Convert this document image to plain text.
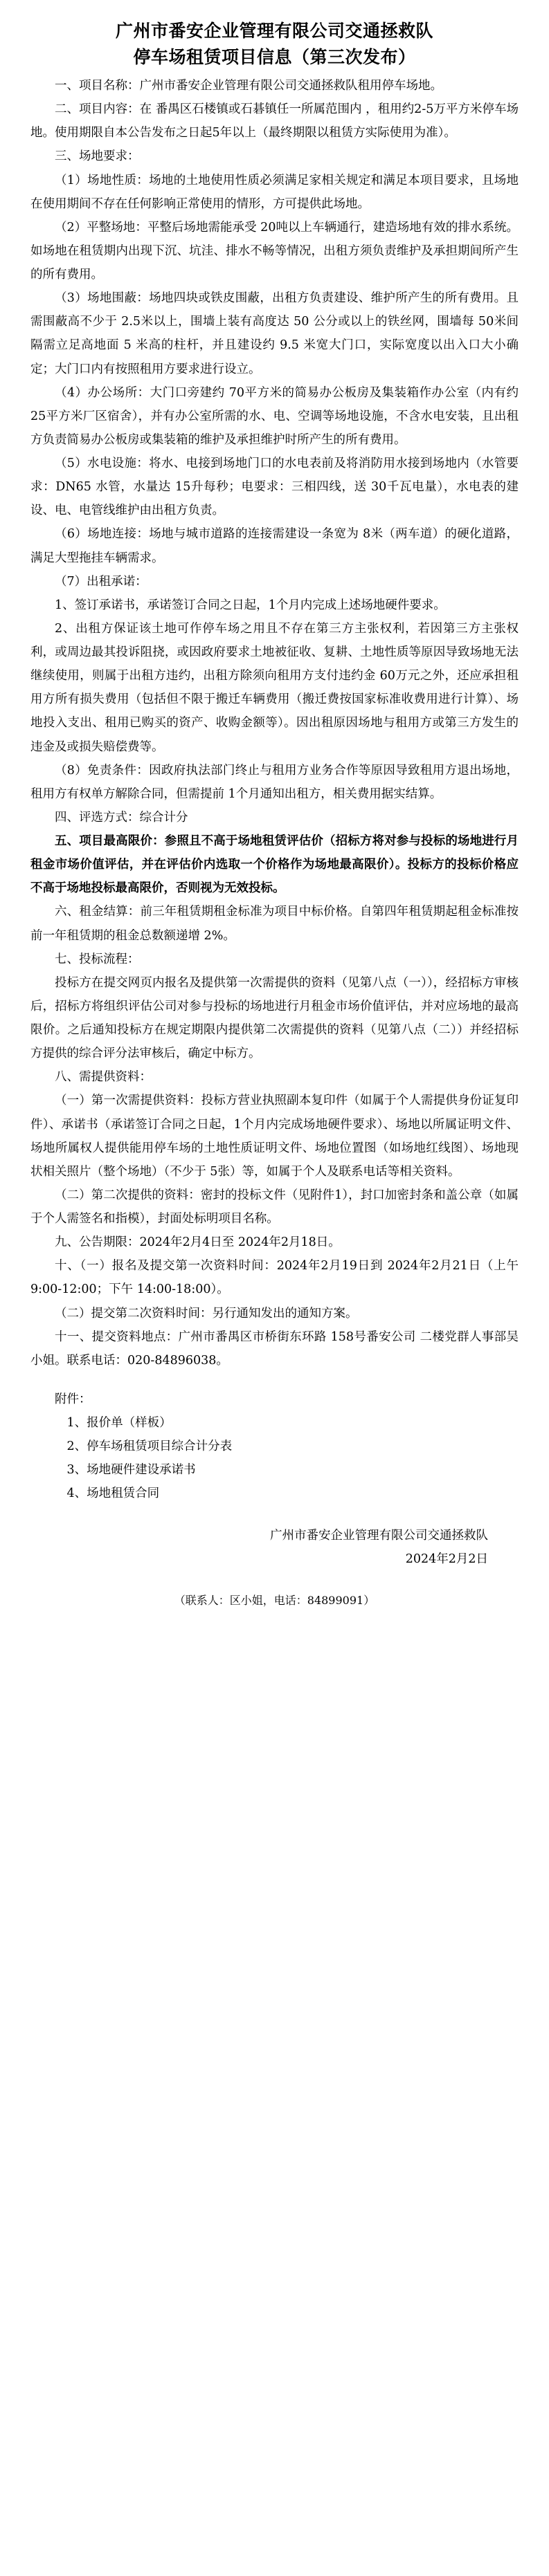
广州市番安企业管理有限公司交通拯救队
停车场租赁项目信息（第三次发布）

一、项目名称：广州市番安企业管理有限公司交通拯救队租用停车场地。

二、项目内容：在 番禺区石楼镇或石碁镇任一所属范围内 ，租用约2-5万平方米停车场地。使用期限自本公告发布之日起5年以上（最终期限以租赁方实际使用为准）。

三、场地要求：

（1）场地性质：场地的土地使用性质必须满足家相关规定和满足本项目要求，且场地在使用期间不存在任何影响正常使用的情形，方可提供此场地。

（2）平整场地：平整后场地需能承受 20吨以上车辆通行，建造场地有效的排水系统。如场地在租赁期内出现下沉、坑洼、排水不畅等情况，出租方须负责维护及承担期间所产生的所有费用。

（3）场地围蔽：场地四块或铁皮围蔽，出租方负责建设、维护所产生的所有费用。且需围蔽高不少于 2.5米以上，围墙上装有高度达 50 公分或以上的铁丝网，围墙每 50米间隔需立足高地面 5 米高的柱杆，并且建设约 9.5 米宽大门口，实际宽度以出入口大小确定；大门口内有按照租用方要求进行设立。

（4）办公场所：大门口旁建约 70平方米的简易办公板房及集装箱作办公室（内有约 25平方米厂区宿舍），并有办公室所需的水、电、空调等场地设施，不含水电安装，且出租方负责简易办公板房或集装箱的维护及承担维护时所产生的所有费用。

（5）水电设施：将水、电接到场地门口的水电表前及将消防用水接到场地内（水管要求：DN65 水管，水量达 15升每秒；电要求：三相四线，送 30千瓦电量），水电表的建设、电、电管线维护由出租方负责。

（6）场地连接：场地与城市道路的连接需建设一条宽为 8米（两车道）的硬化道路，满足大型拖挂车辆需求。

（7）出租承诺：

1、签订承诺书，承诺签订合同之日起，1个月内完成上述场地硬件要求。

2、出租方保证该土地可作停车场之用且不存在第三方主张权利，若因第三方主张权利，或周边最其投诉阻挠，或因政府要求土地被征收、复耕、土地性质等原因导致场地无法继续使用，则属于出租方违约，出租方除须向租用方支付违约金 60万元之外，还应承担租用方所有损失费用（包括但不限于搬迁车辆费用（搬迁费按国家标准收费用进行计算）、场地投入支出、租用已购买的资产、收购金额等）。因出租原因场地与租用方或第三方发生的违金及或损失赔偿费等。

（8）免责条件：因政府执法部门终止与租用方业务合作等原因导致租用方退出场地，租用方有权单方解除合同，但需提前 1个月通知出租方，相关费用据实结算。

四、评选方式：综合计分

五、项目最高限价：参照且不高于场地租赁评估价（招标方将对参与投标的场地进行月租金市场价值评估，并在评估价内选取一个价格作为场地最高限价）。投标方的投标价格应不高于场地投标最高限价，否则视为无效投标。

六、租金结算：前三年租赁期租金标准为项目中标价格。自第四年租赁期起租金标准按前一年租赁期的租金总数额递增 2%。

七、投标流程：

投标方在提交网页内报名及提供第一次需提供的资料（见第八点（一）），经招标方审核后，招标方将组织评估公司对参与投标的场地进行月租金市场价值评估，并对应场地的最高限价。之后通知投标方在规定期限内提供第二次需提供的资料（见第八点（二））并经招标方提供的综合评分法审核后，确定中标方。

八、需提供资料：

（一）第一次需提供资料：投标方营业执照副本复印件（如属于个人需提供身份证复印件）、承诺书（承诺签订合同之日起，1个月内完成场地硬件要求）、场地以所属证明文件、场地所属权人提供能用停车场的土地性质证明文件、场地位置图（如场地红线图）、场地现状相关照片（整个场地）（不少于 5张）等，如属于个人及联系电话等相关资料。

（二）第二次提供的资料：密封的投标文件（见附件1），封口加密封条和盖公章（如属于个人需签名和指模），封面处标明项目名称。

九、公告期限：2024年2月4日至 2024年2月18日。

十、（一）报名及提交第一次资料时间：2024年2月19日到 2024年2月21日（上午 9:00-12:00；下午 14:00-18:00）。

（二）提交第二次资料时间：另行通知发出的通知方案。

十一、提交资料地点：广州市番禺区市桥街东环路 158号番安公司 二楼党群人事部吴小姐。联系电话：020-84896038。

附件：

1、报价单（样板）

2、停车场租赁项目综合计分表

3、场地硬件建设承诺书

4、场地租赁合同

广州市番安企业管理有限公司交通拯救队
2024年2月2日
（联系人：区小姐，电话：84899091）
